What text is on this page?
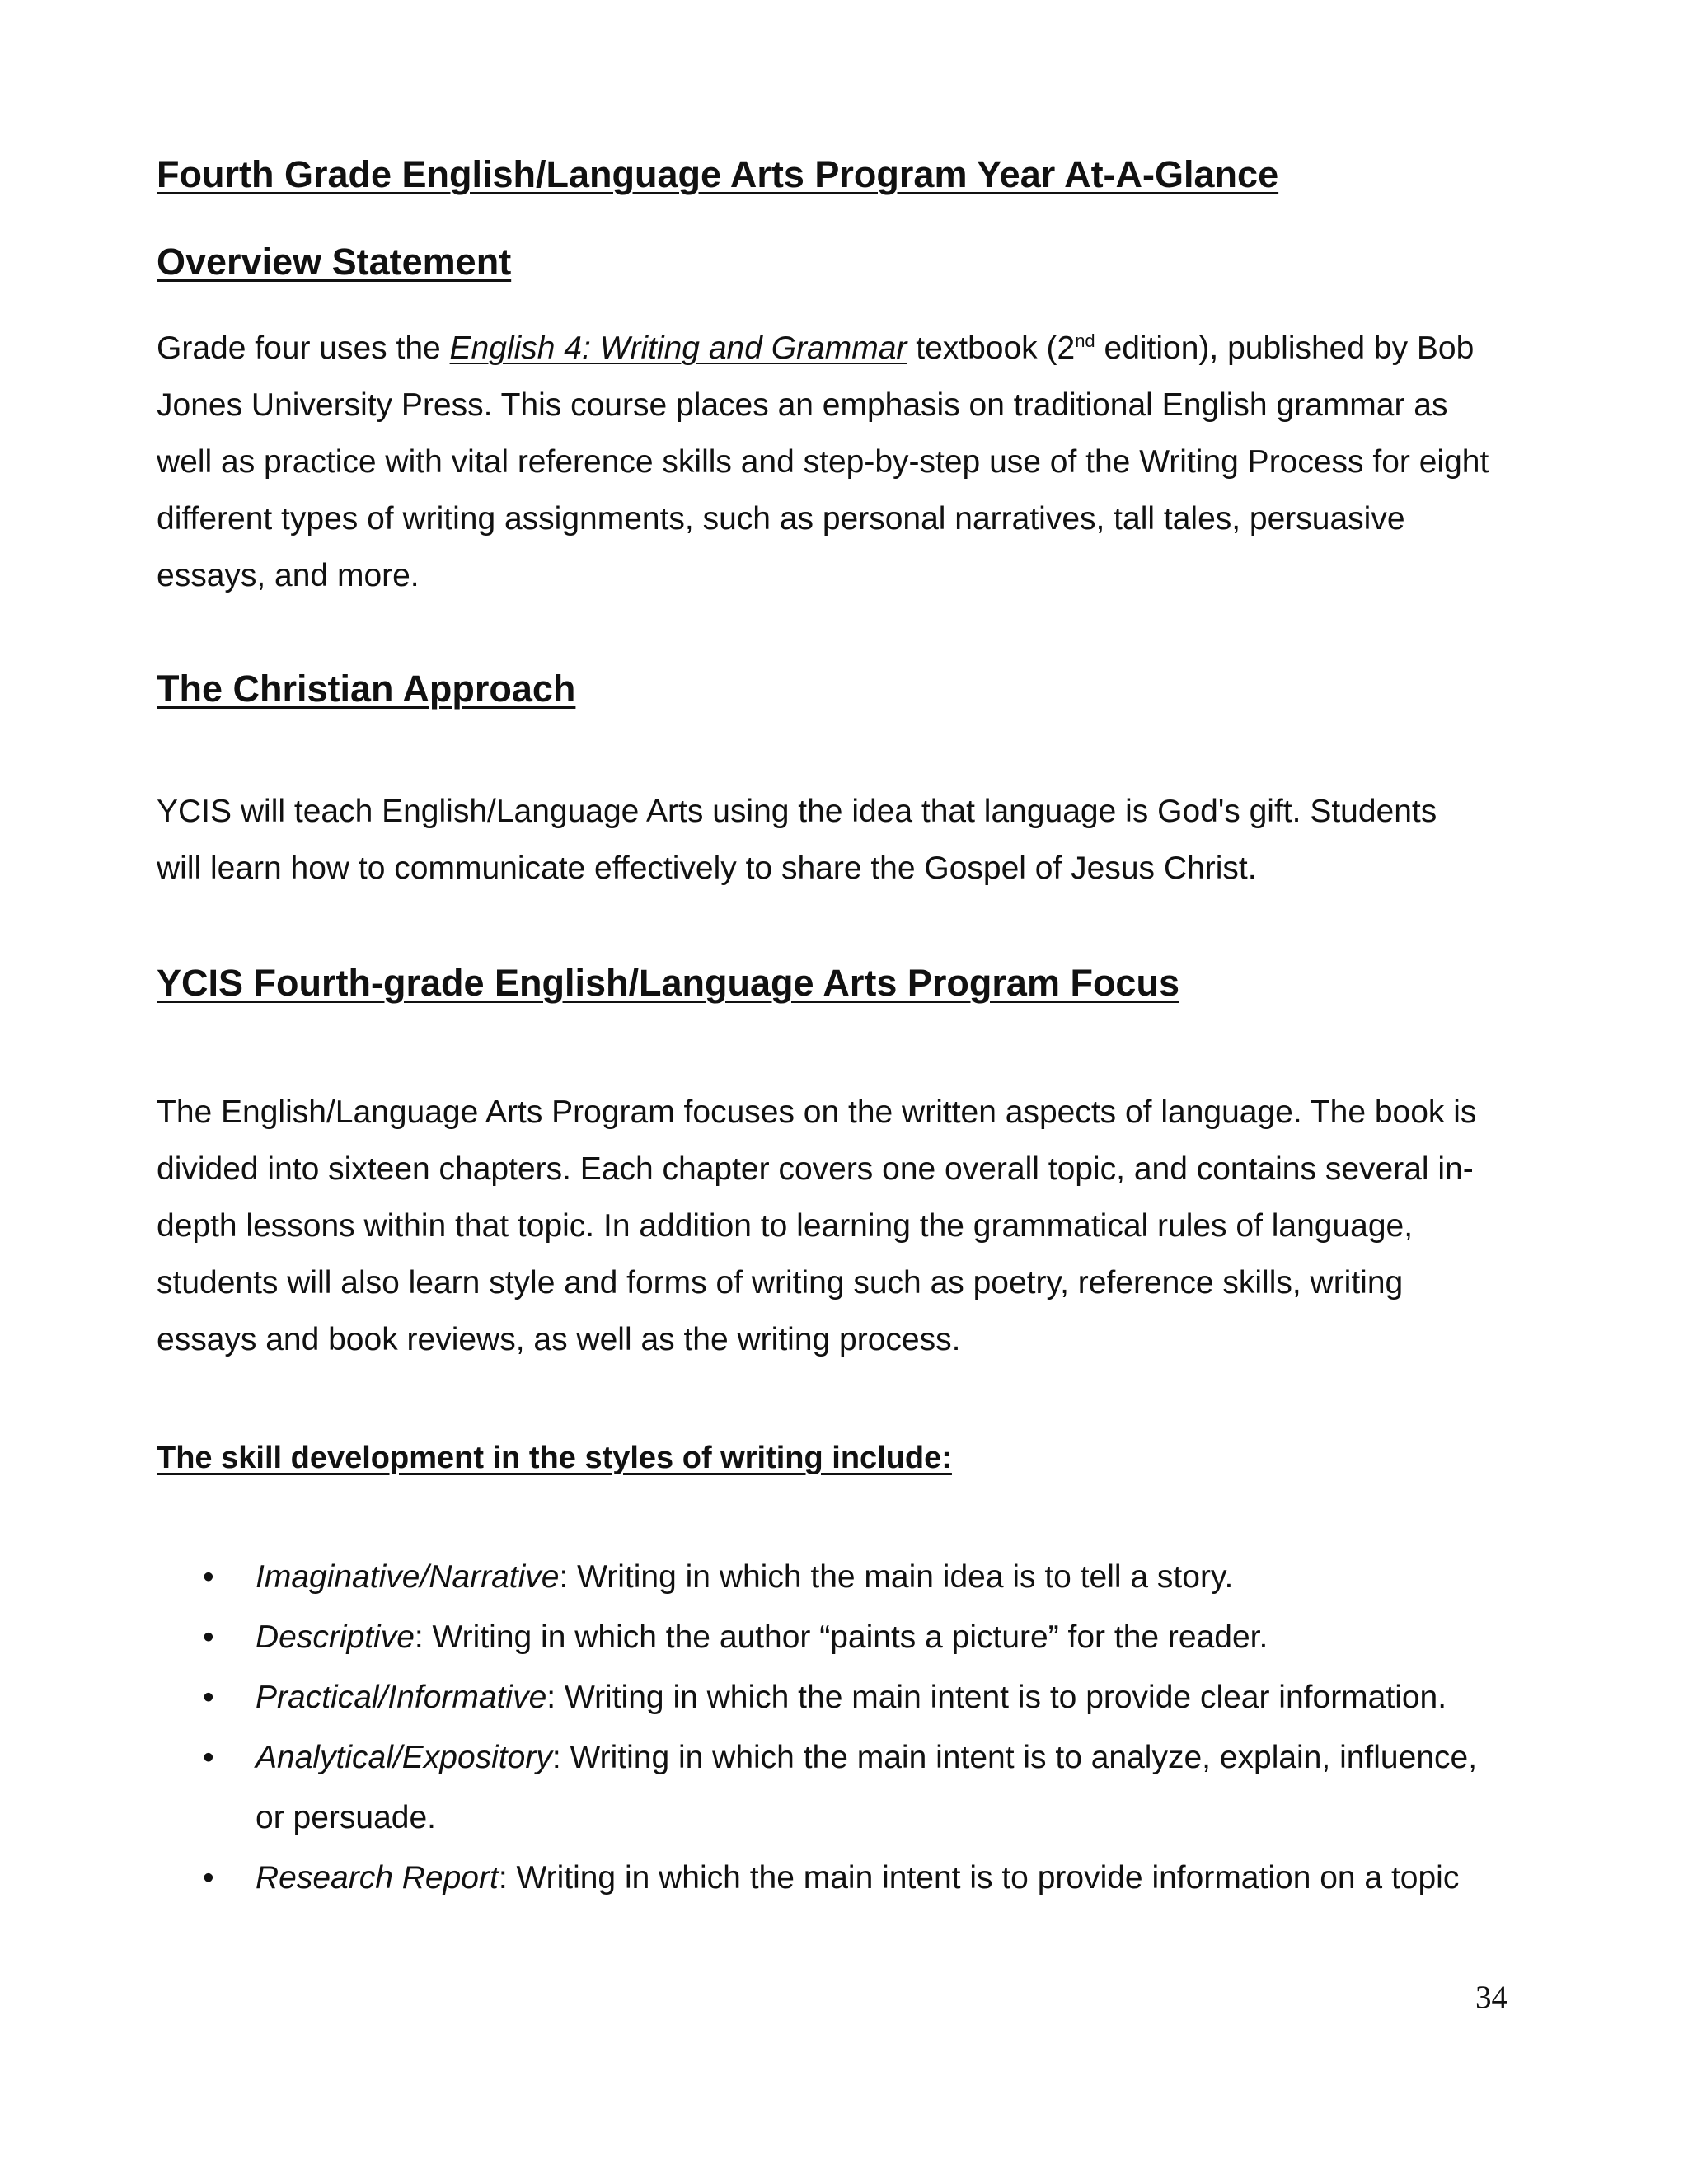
Fourth Grade English/Language Arts Program Year At-A-Glance
Overview Statement
Grade four uses the English 4: Writing and Grammar textbook (2nd edition), published by Bob
Jones University Press. This course places an emphasis on traditional English grammar as
well as practice with vital reference skills and step-by-step use of the Writing Process for eight
different types of writing assignments, such as personal narratives, tall tales, persuasive
essays, and more.
The Christian Approach
YCIS will teach English/Language Arts using the idea that language is God's gift. Students
will learn how to communicate effectively to share the Gospel of Jesus Christ.
YCIS Fourth-grade English/Language Arts Program Focus
The English/Language Arts Program focuses on the written aspects of language. The book is
divided into sixteen chapters. Each chapter covers one overall topic, and contains several in-
depth lessons within that topic. In addition to learning the grammatical rules of language,
students will also learn style and forms of writing such as poetry, reference skills, writing
essays and book reviews, as well as the writing process.
The skill development in the styles of writing include:
• Imaginative/Narrative: Writing in which the main idea is to tell a story.
• Descriptive: Writing in which the author “paints a picture” for the reader.
• Practical/Informative: Writing in which the main intent is to provide clear information.
• Analytical/Expository: Writing in which the main intent is to analyze, explain, influence,
or persuade.
• Research Report: Writing in which the main intent is to provide information on a topic
34
